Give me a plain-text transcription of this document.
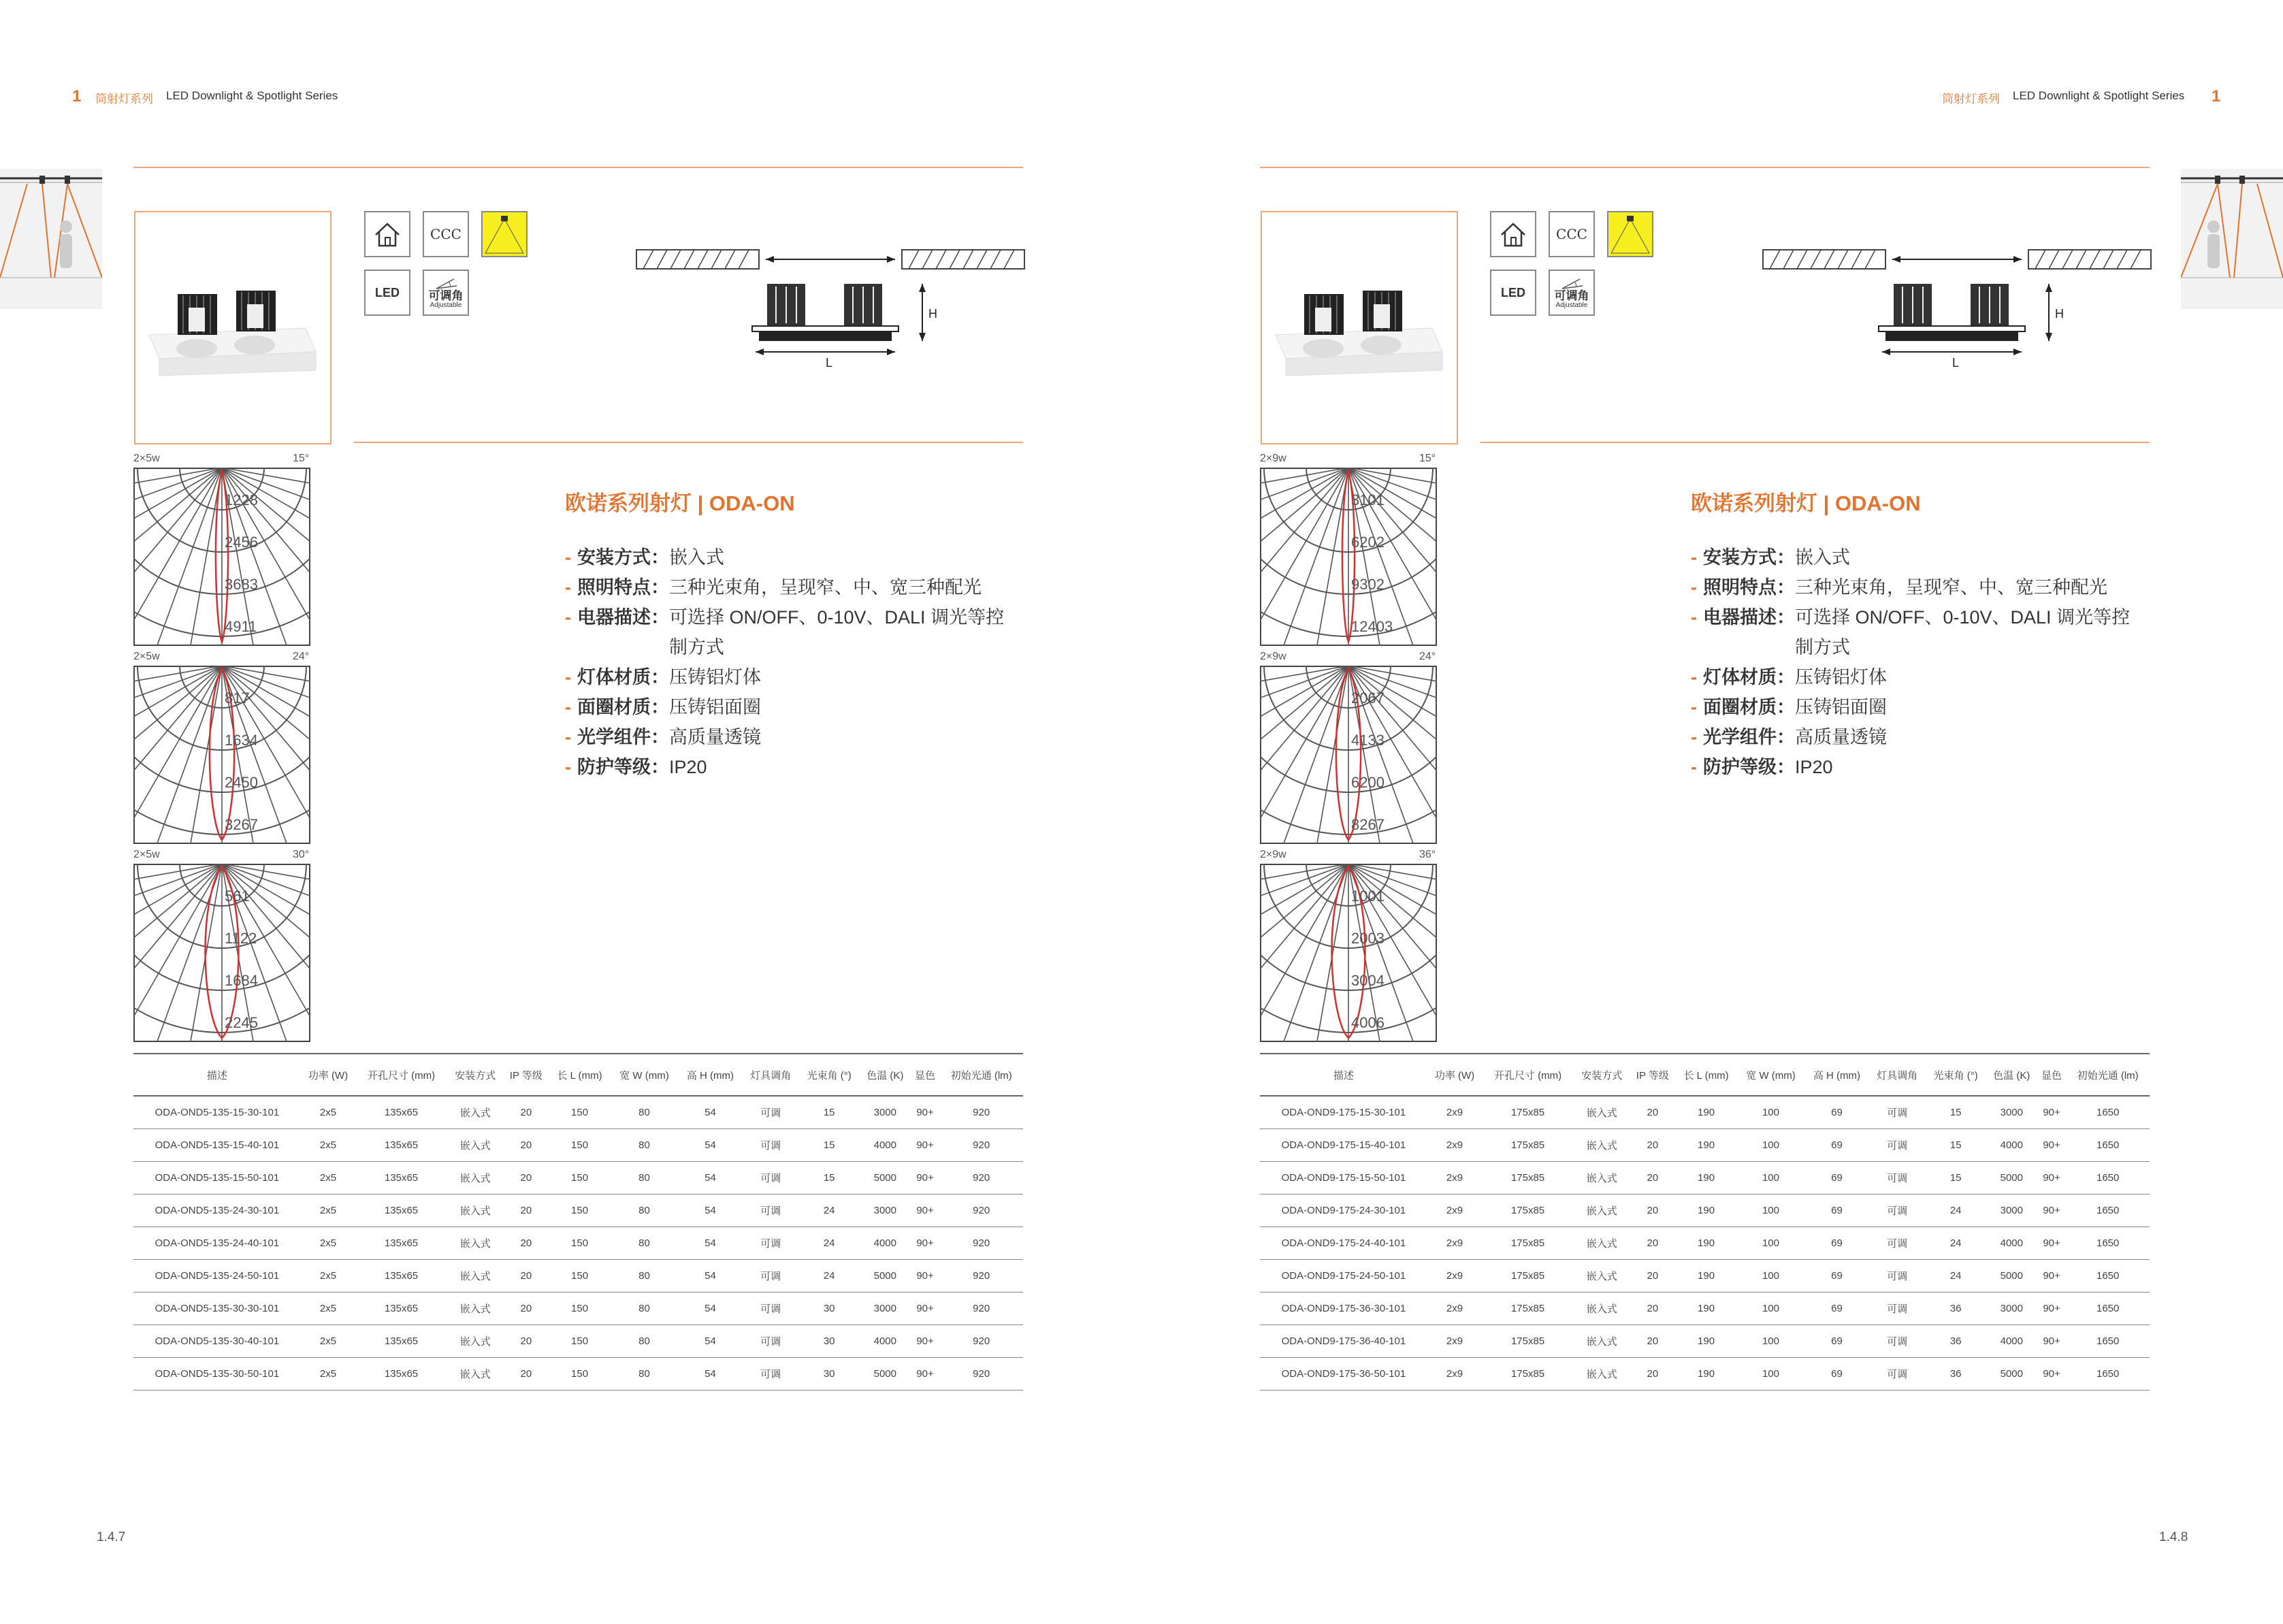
1 筒射灯系列 LED Downlight & Spotlight Series
CCC
LED	可调角
Adjustable
H
L
2×5w	15°
1228
2456
3683
4911
2×5w	24°
817
1634
2450
3267
2×5w	30°
561
1122
1684
2245
欧诺系列射灯 | ODA-ON
- 安装方式： 嵌入式
- 照明特点： 三种光束角，呈现窄、中、宽三种配光
- 电器描述： 可选择 ON/OFF、0-10V、DALI 调光等控制方式
- 灯体材质： 压铸铝灯体
- 面圈材质： 压铸铝面圈
- 光学组件： 高质量透镜
- 防护等级： IP20
描述	功率 (W)	开孔尺寸 (mm)	安装方式	IP 等级	长 L (mm)	宽 W (mm)	高 H (mm)	灯具调角	光束角 (°)	色温 (K)	显色	初始光通 (lm)
ODA-OND5-135-15-30-101	2x5	135x65	嵌入式	20	150	80	54	可调	15	3000	90+	920
ODA-OND5-135-15-40-101	2x5	135x65	嵌入式	20	150	80	54	可调	15	4000	90+	920
ODA-OND5-135-15-50-101	2x5	135x65	嵌入式	20	150	80	54	可调	15	5000	90+	920
ODA-OND5-135-24-30-101	2x5	135x65	嵌入式	20	150	80	54	可调	24	3000	90+	920
ODA-OND5-135-24-40-101	2x5	135x65	嵌入式	20	150	80	54	可调	24	4000	90+	920
ODA-OND5-135-24-50-101	2x5	135x65	嵌入式	20	150	80	54	可调	24	5000	90+	920
ODA-OND5-135-30-30-101	2x5	135x65	嵌入式	20	150	80	54	可调	30	3000	90+	920
ODA-OND5-135-30-40-101	2x5	135x65	嵌入式	20	150	80	54	可调	30	4000	90+	920
ODA-OND5-135-30-50-101	2x5	135x65	嵌入式	20	150	80	54	可调	30	5000	90+	920
1.4.7
筒射灯系列 LED Downlight & Spotlight Series 1
CCC
LED	可调角
Adjustable
H
L
2×9w	15°
3101
6202
9302
12403
2×9w	24°
2067
4133
6200
8267
2×9w	36°
1001
2003
3004
4006
欧诺系列射灯 | ODA-ON
- 安装方式： 嵌入式
- 照明特点： 三种光束角，呈现窄、中、宽三种配光
- 电器描述： 可选择 ON/OFF、0-10V、DALI 调光等控制方式
- 灯体材质： 压铸铝灯体
- 面圈材质： 压铸铝面圈
- 光学组件： 高质量透镜
- 防护等级： IP20
描述	功率 (W)	开孔尺寸 (mm)	安装方式	IP 等级	长 L (mm)	宽 W (mm)	高 H (mm)	灯具调角	光束角 (°)	色温 (K)	显色	初始光通 (lm)
ODA-OND9-175-15-30-101	2x9	175x85	嵌入式	20	190	100	69	可调	15	3000	90+	1650
ODA-OND9-175-15-40-101	2x9	175x85	嵌入式	20	190	100	69	可调	15	4000	90+	1650
ODA-OND9-175-15-50-101	2x9	175x85	嵌入式	20	190	100	69	可调	15	5000	90+	1650
ODA-OND9-175-24-30-101	2x9	175x85	嵌入式	20	190	100	69	可调	24	3000	90+	1650
ODA-OND9-175-24-40-101	2x9	175x85	嵌入式	20	190	100	69	可调	24	4000	90+	1650
ODA-OND9-175-24-50-101	2x9	175x85	嵌入式	20	190	100	69	可调	24	5000	90+	1650
ODA-OND9-175-36-30-101	2x9	175x85	嵌入式	20	190	100	69	可调	36	3000	90+	1650
ODA-OND9-175-36-40-101	2x9	175x85	嵌入式	20	190	100	69	可调	36	4000	90+	1650
ODA-OND9-175-36-50-101	2x9	175x85	嵌入式	20	190	100	69	可调	36	5000	90+	1650
1.4.8
